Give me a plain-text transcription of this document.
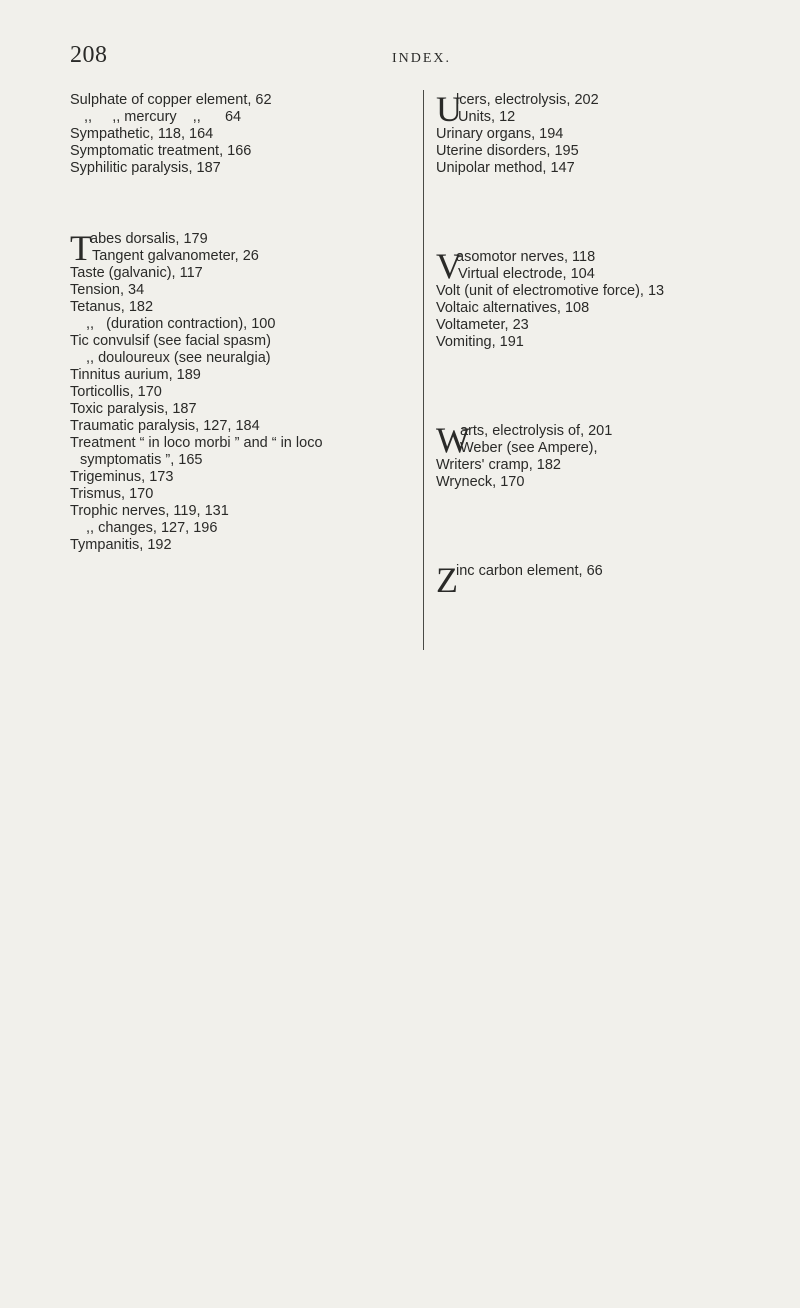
208	INDEX.
Sulphate of copper element, 62
,,     ,, mercury    ,,      64
Sympathetic, 118, 164
Symptomatic treatment, 166
Syphilitic paralysis, 187
T
abes dorsalis, 179
Tangent galvanometer, 26
Taste (galvanic), 117
Tension, 34
Tetanus, 182
,,   (duration contraction), 100
Tic convulsif (see facial spasm)
,, douloureux (see neuralgia)
Tinnitus aurium, 189
Torticollis, 170
Toxic paralysis, 187
Traumatic paralysis, 127, 184
Treatment “ in loco morbi ” and “ in loco
symptomatis ”, 165
Trigeminus, 173
Trismus, 170
Trophic nerves, 119, 131
,, changes, 127, 196
Tympanitis, 192
U
lcers, electrolysis, 202
Units, 12
Urinary organs, 194
Uterine disorders, 195
Unipolar method, 147
V
asomotor nerves, 118
Virtual electrode, 104
Volt (unit of electromotive force), 13
Voltaic alternatives, 108
Voltameter, 23
Vomiting, 191
W
arts, electrolysis of, 201
Weber (see Ampere),
Writers' cramp, 182
Wryneck, 170
Z
inc carbon element, 66
